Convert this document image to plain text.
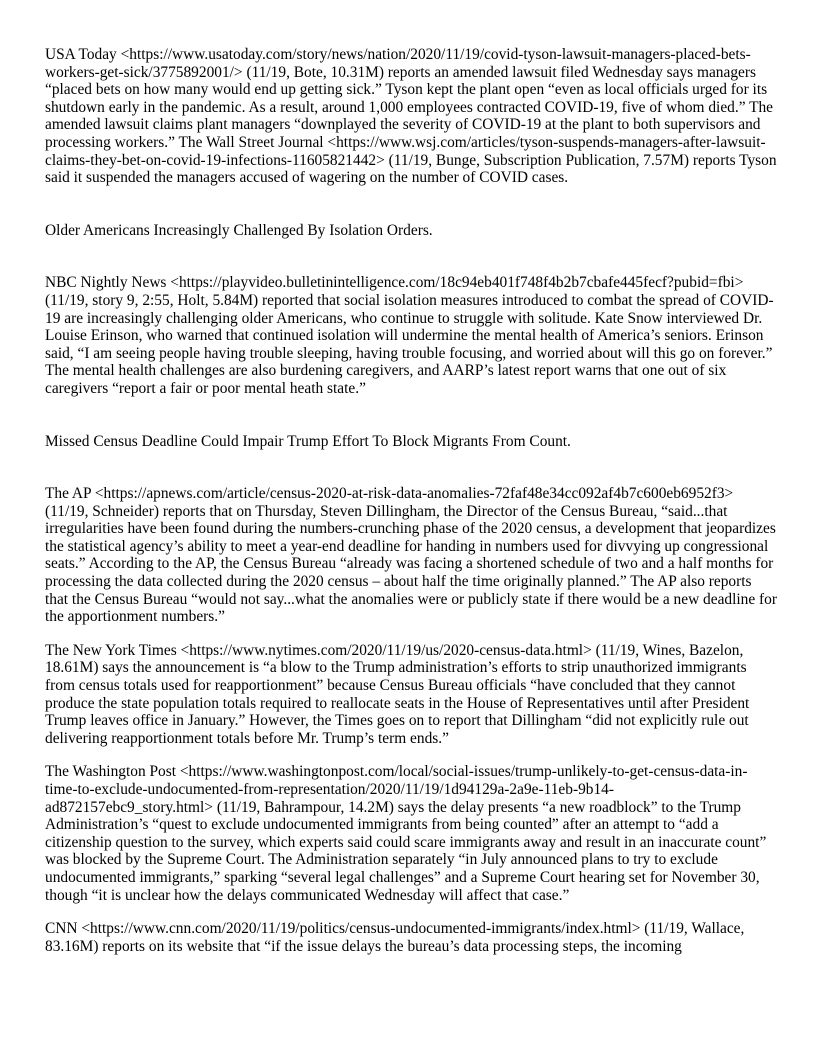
USA Today <https://www.usatoday.com/story/news/nation/2020/11/19/covid-tyson-lawsuit-managers-placed-bets-workers-get-sick/3775892001/> (11/19, Bote, 10.31M) reports an amended lawsuit filed Wednesday says managers “placed bets on how many would end up getting sick.” Tyson kept the plant open “even as local officials urged for its shutdown early in the pandemic. As a result, around 1,000 employees contracted COVID-19, five of whom died.” The amended lawsuit claims plant managers “downplayed the severity of COVID-19 at the plant to both supervisors and processing workers.” The Wall Street Journal <https://www.wsj.com/articles/tyson-suspends-managers-after-lawsuit-claims-they-bet-on-covid-19-infections-11605821442> (11/19, Bunge, Subscription Publication, 7.57M) reports Tyson said it suspended the managers accused of wagering on the number of COVID cases.

Older Americans Increasingly Challenged By Isolation Orders.

NBC Nightly News <https://playvideo.bulletinintelligence.com/18c94eb401f748f4b2b7cbafe445fecf?pubid=fbi> (11/19, story 9, 2:55, Holt, 5.84M) reported that social isolation measures introduced to combat the spread of COVID-19 are increasingly challenging older Americans, who continue to struggle with solitude. Kate Snow interviewed Dr. Louise Erinson, who warned that continued isolation will undermine the mental health of America’s seniors. Erinson said, “I am seeing people having trouble sleeping, having trouble focusing, and worried about will this go on forever.” The mental health challenges are also burdening caregivers, and AARP’s latest report warns that one out of six caregivers “report a fair or poor mental heath state.”

Missed Census Deadline Could Impair Trump Effort To Block Migrants From Count.

The AP <https://apnews.com/article/census-2020-at-risk-data-anomalies-72faf48e34cc092af4b7c600eb6952f3> (11/19, Schneider) reports that on Thursday, Steven Dillingham, the Director of the Census Bureau, “said...that irregularities have been found during the numbers-crunching phase of the 2020 census, a development that jeopardizes the statistical agency’s ability to meet a year-end deadline for handing in numbers used for divvying up congressional seats.” According to the AP, the Census Bureau “already was facing a shortened schedule of two and a half months for processing the data collected during the 2020 census – about half the time originally planned.” The AP also reports that the Census Bureau “would not say...what the anomalies were or publicly state if there would be a new deadline for the apportionment numbers.”

The New York Times <https://www.nytimes.com/2020/11/19/us/2020-census-data.html> (11/19, Wines, Bazelon, 18.61M) says the announcement is “a blow to the Trump administration’s efforts to strip unauthorized immigrants from census totals used for reapportionment” because Census Bureau officials “have concluded that they cannot produce the state population totals required to reallocate seats in the House of Representatives until after President Trump leaves office in January.” However, the Times goes on to report that Dillingham “did not explicitly rule out delivering reapportionment totals before Mr. Trump’s term ends.”

The Washington Post <https://www.washingtonpost.com/local/social-issues/trump-unlikely-to-get-census-data-in-time-to-exclude-undocumented-from-representation/2020/11/19/1d94129a-2a9e-11eb-9b14-ad872157ebc9_story.html> (11/19, Bahrampour, 14.2M) says the delay presents “a new roadblock” to the Trump Administration’s “quest to exclude undocumented immigrants from being counted” after an attempt to “add a citizenship question to the survey, which experts said could scare immigrants away and result in an inaccurate count” was blocked by the Supreme Court. The Administration separately “in July announced plans to try to exclude undocumented immigrants,” sparking “several legal challenges” and a Supreme Court hearing set for November 30, though “it is unclear how the delays communicated Wednesday will affect that case.”

CNN <https://www.cnn.com/2020/11/19/politics/census-undocumented-immigrants/index.html> (11/19, Wallace, 83.16M) reports on its website that “if the issue delays the bureau’s data processing steps, the incoming
